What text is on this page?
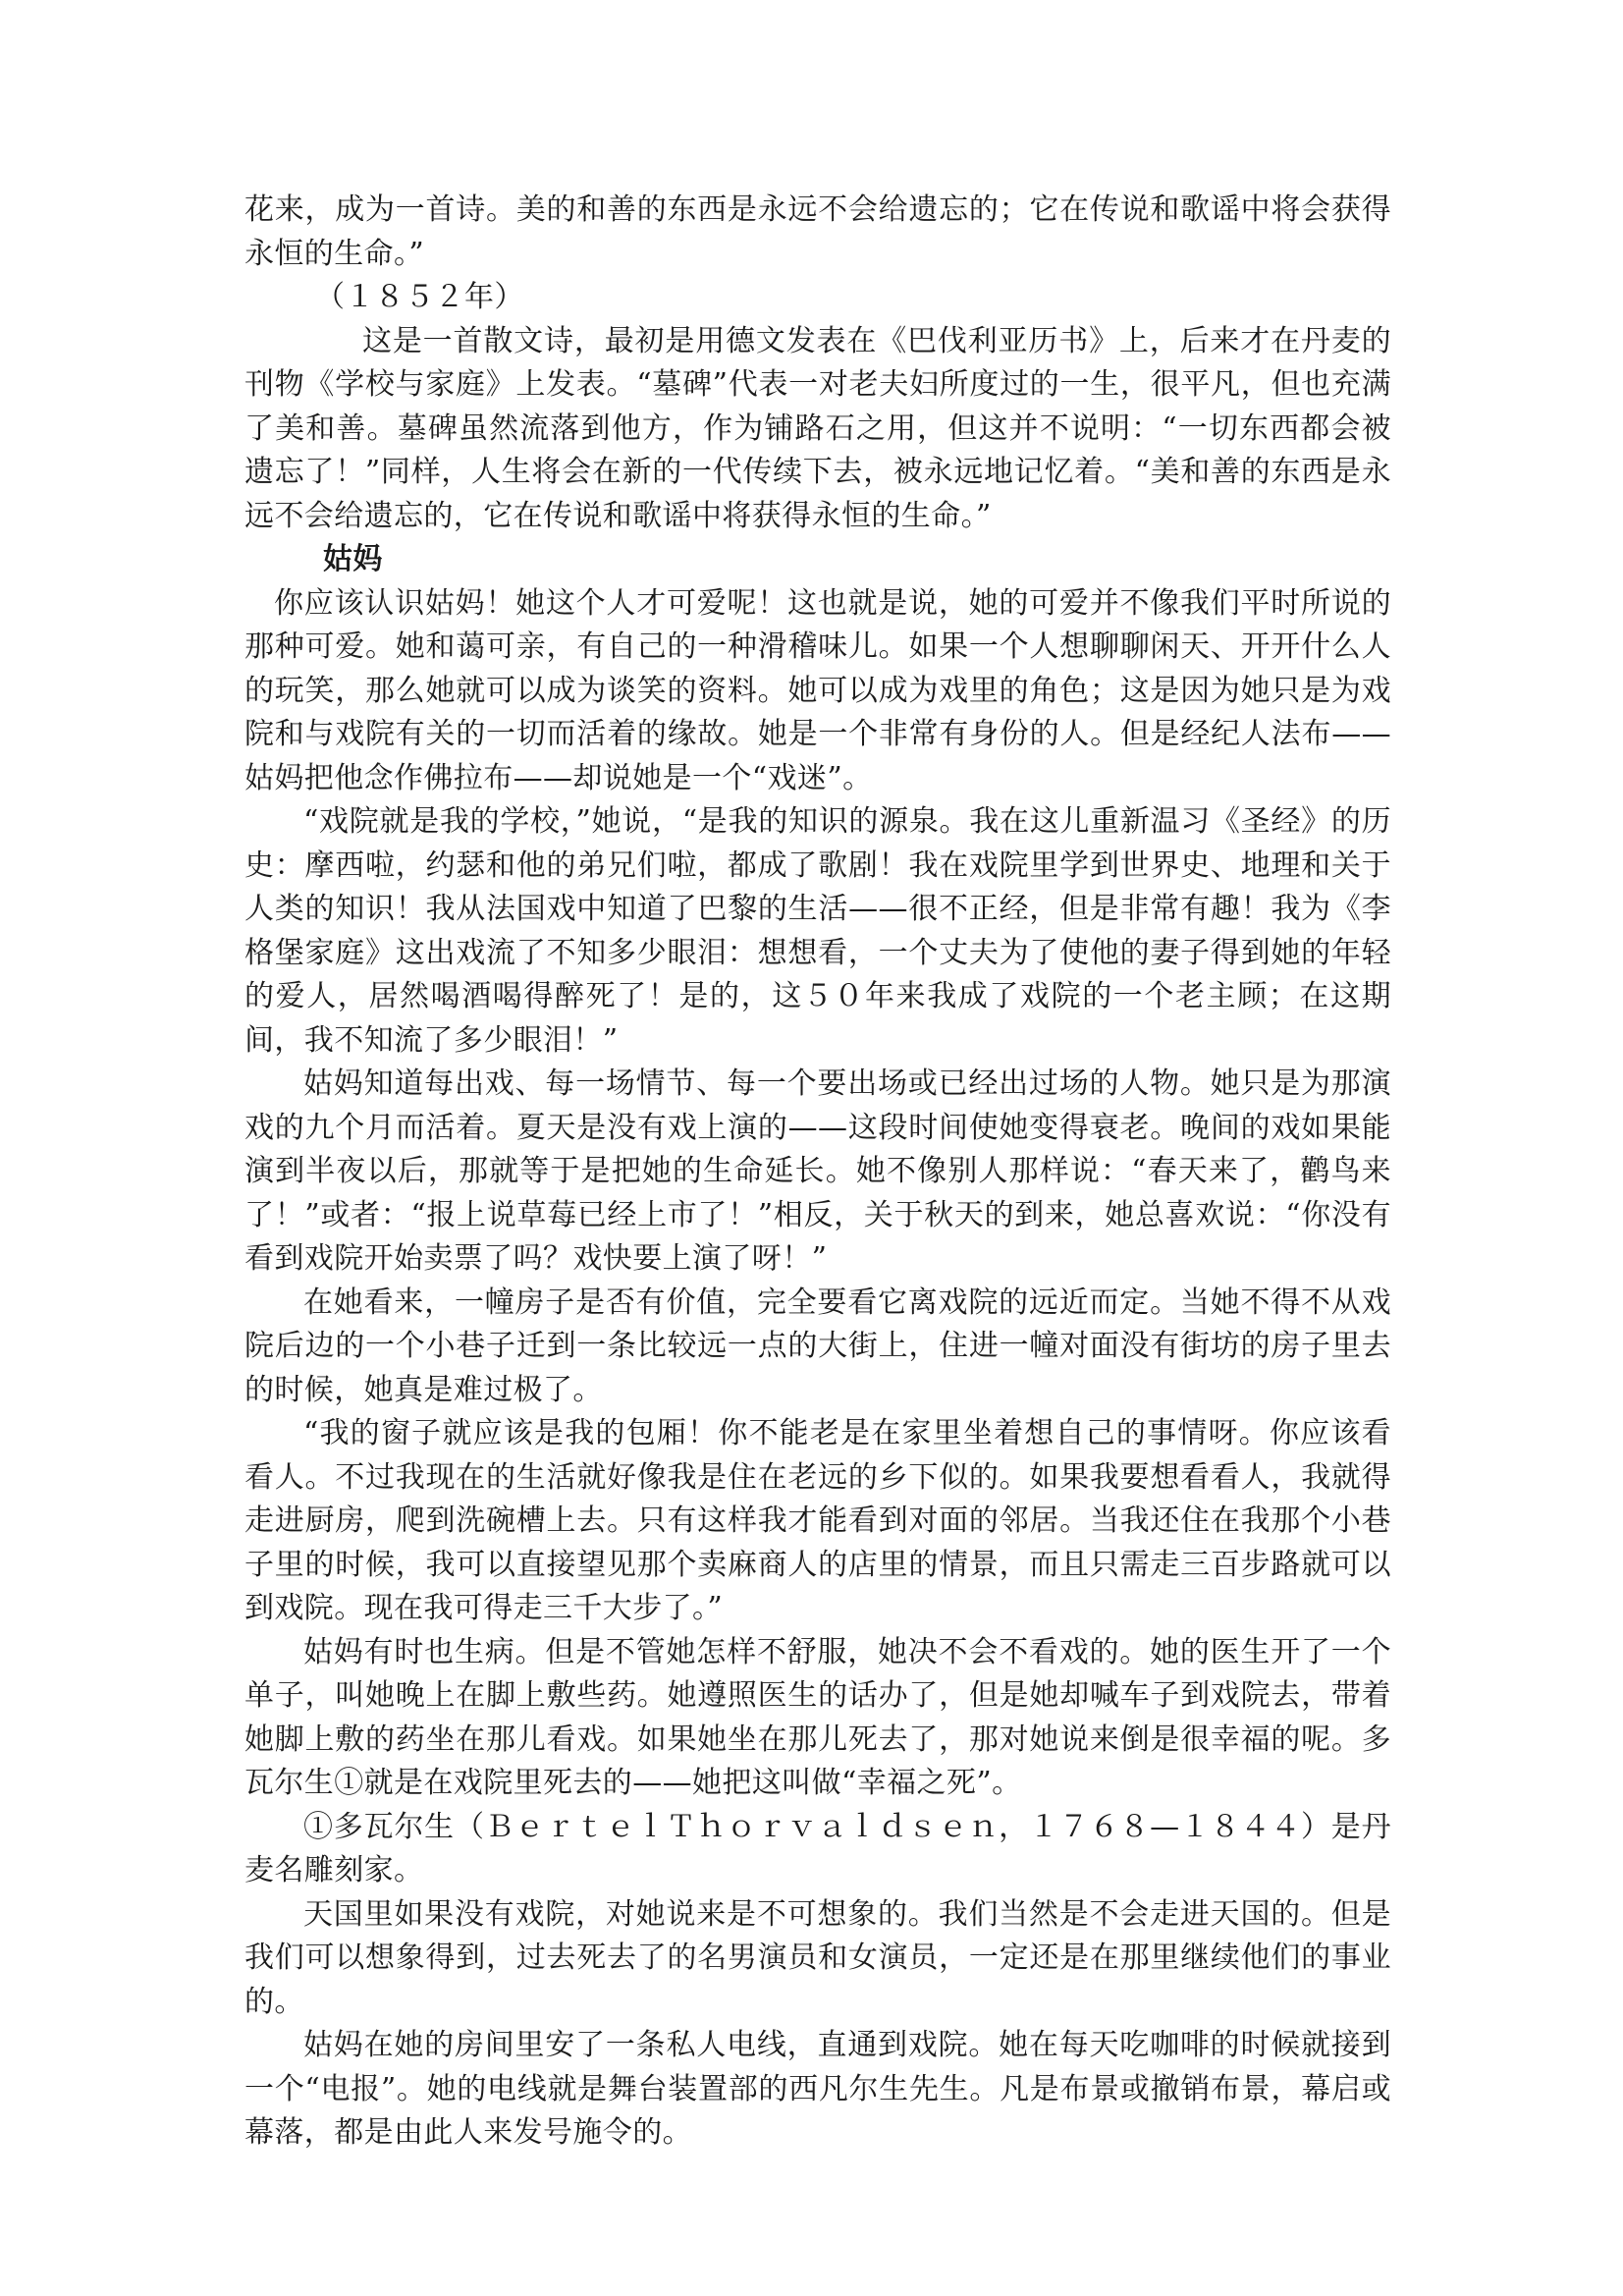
花来，成为一首诗。美的和善的东西是永远不会给遗忘的；它在传说和歌谣中将会获得永恒的生命。”

（１８５２年）

这是一首散文诗，最初是用德文发表在《巴伐利亚历书》上，后来才在丹麦的刊物《学校与家庭》上发表。“墓碑”代表一对老夫妇所度过的一生，很平凡，但也充满了美和善。墓碑虽然流落到他方，作为铺路石之用，但这并不说明：“一切东西都会被遗忘了！”同样，人生将会在新的一代传续下去，被永远地记忆着。“美和善的东西是永远不会给遗忘的，它在传说和歌谣中将获得永恒的生命。”

姑妈

你应该认识姑妈！她这个人才可爱呢！这也就是说，她的可爱并不像我们平时所说的那种可爱。她和蔼可亲，有自己的一种滑稽味儿。如果一个人想聊聊闲天、开开什么人的玩笑，那么她就可以成为谈笑的资料。她可以成为戏里的角色；这是因为她只是为戏院和与戏院有关的一切而活着的缘故。她是一个非常有身份的人。但是经纪人法布——姑妈把他念作佛拉布——却说她是一个“戏迷”。

“戏院就是我的学校，”她说，“是我的知识的源泉。我在这儿重新温习《圣经》的历史：摩西啦，约瑟和他的弟兄们啦，都成了歌剧！我在戏院里学到世界史、地理和关于人类的知识！我从法国戏中知道了巴黎的生活——很不正经，但是非常有趣！我为《李格堡家庭》这出戏流了不知多少眼泪：想想看，一个丈夫为了使他的妻子得到她的年轻的爱人，居然喝酒喝得醉死了！是的，这５０年来我成了戏院的一个老主顾；在这期间，我不知流了多少眼泪！”

姑妈知道每出戏、每一场情节、每一个要出场或已经出过场的人物。她只是为那演戏的九个月而活着。夏天是没有戏上演的——这段时间使她变得衰老。晚间的戏如果能演到半夜以后，那就等于是把她的生命延长。她不像别人那样说：“春天来了，鹳鸟来了！”或者：“报上说草莓已经上市了！”相反，关于秋天的到来，她总喜欢说：“你没有看到戏院开始卖票了吗？戏快要上演了呀！”

在她看来，一幢房子是否有价值，完全要看它离戏院的远近而定。当她不得不从戏院后边的一个小巷子迁到一条比较远一点的大街上，住进一幢对面没有街坊的房子里去的时候，她真是难过极了。

“我的窗子就应该是我的包厢！你不能老是在家里坐着想自己的事情呀。你应该看看人。不过我现在的生活就好像我是住在老远的乡下似的。如果我要想看看人，我就得走进厨房，爬到洗碗槽上去。只有这样我才能看到对面的邻居。当我还住在我那个小巷子里的时候，我可以直接望见那个卖麻商人的店里的情景，而且只需走三百步路就可以到戏院。现在我可得走三千大步了。”

姑妈有时也生病。但是不管她怎样不舒服，她决不会不看戏的。她的医生开了一个单子，叫她晚上在脚上敷些药。她遵照医生的话办了，但是她却喊车子到戏院去，带着她脚上敷的药坐在那儿看戏。如果她坐在那儿死去了，那对她说来倒是很幸福的呢。多瓦尔生①就是在戏院里死去的——她把这叫做“幸福之死”。

①多瓦尔生（ＢｅｒｔｅｌＴｈｏｒｖａｌｄｓｅｎ，１７６８—１８４４）是丹麦名雕刻家。

天国里如果没有戏院，对她说来是不可想象的。我们当然是不会走进天国的。但是我们可以想象得到，过去死去了的名男演员和女演员，一定还是在那里继续他们的事业的。

姑妈在她的房间里安了一条私人电线，直通到戏院。她在每天吃咖啡的时候就接到一个“电报”。她的电线就是舞台装置部的西凡尔生先生。凡是布景或撤销布景，幕启或幕落，都是由此人来发号施令的。
